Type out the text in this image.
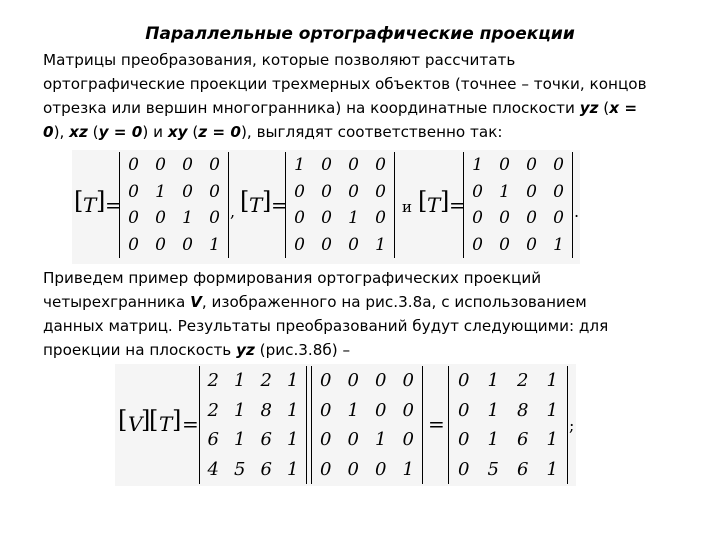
Параллельные ортографические проекции

Матрицы преобразования, которые позволяют рассчитать

ортографические проекции трехмерных объектов (точнее – точки, концов

отрезка или вершин многогранника) на координатные плоскости yz (x =

0), xz (y = 0) и xy (z = 0), выглядят соответственно так:

[ T ] =
0	0	0	0
0	1	0	0
0	0	1	0
0	0	0	1
, [ T ] =
1	0	0	0
0	0	0	0
0	0	1	0
0	0	0	1
и [ T ] =
1	0	0	0
0	1	0	0
0	0	0	0
0	0	0	1
.

Приведем пример формирования ортографических проекций

четырехгранника V, изображенного на рис.3.8а, с использованием

данных матриц. Результаты преобразований будут следующими: для

проекции на плоскость yz (рис.3.8б) –

[ V
]
[ T ] =
2	1	2	1
2	1	8	1
6	1	6	1
4	5	6	1
0	0	0	0
0	1	0	0
0	0	1	0
0	0	0	1
=
0	1	2	1
0	1	8	1
0	1	6	1
0	5	6	1
;
